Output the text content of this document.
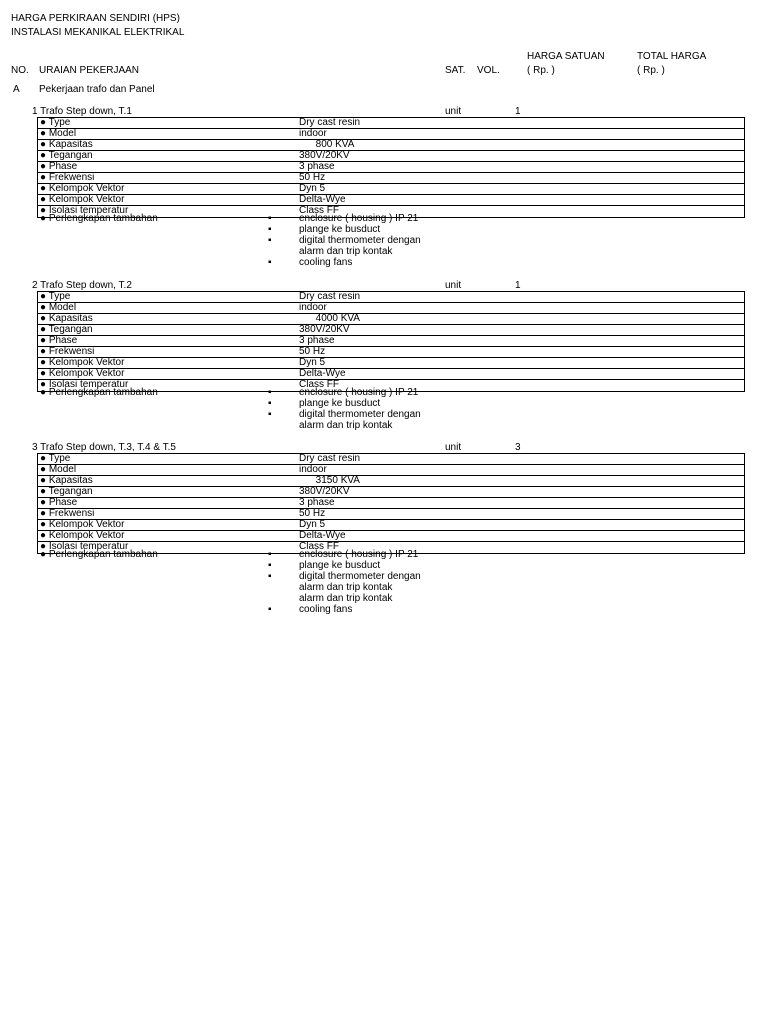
HARGA PERKIRAAN SENDIRI (HPS)
INSTALASI MEKANIKAL ELEKTRIKAL
HARGA SATUAN	TOTAL HARGA
NO. URAIAN PEKERJAAN	SAT. VOL.	( Rp. )	( Rp. )
A Pekerjaan trafo dan Panel
1 Trafo Step down, T.1	unit	1
● Type	Dry cast resin
● Model	indoor
● Kapasitas	800 KVA
● Tegangan	380V/20KV
● Phase	3 phase
● Frekwensi	50 Hz
● Kelompok Vektor	Dyn 5
● Kelompok Vektor	Delta-Wye
● Isolasi temperatur	Class FF
● Perlengkapan tambahan	▪	enclosure ( housing ) IP 21
▪	plange ke busduct
▪	digital thermometer dengan
alarm dan trip kontak
▪	cooling fans
2 Trafo Step down, T.2	unit	1
● Type	Dry cast resin
● Model	indoor
● Kapasitas	4000 KVA
● Tegangan	380V/20KV
● Phase	3 phase
● Frekwensi	50 Hz
● Kelompok Vektor	Dyn 5
● Kelompok Vektor	Delta-Wye
● Isolasi temperatur	Class FF
● Perlengkapan tambahan	▪	enclosure ( housing ) IP 21
▪	plange ke busduct
▪	digital thermometer dengan
alarm dan trip kontak
3 Trafo Step down, T.3, T.4 & T.5	unit	3
● Type	Dry cast resin
● Model	indoor
● Kapasitas	3150 KVA
● Tegangan	380V/20KV
● Phase	3 phase
● Frekwensi	50 Hz
● Kelompok Vektor	Dyn 5
● Kelompok Vektor	Delta-Wye
● Isolasi temperatur	Class FF
● Perlengkapan tambahan	▪	enclosure ( housing ) IP 21
▪	plange ke busduct
▪	digital thermometer dengan
alarm dan trip kontak
alarm dan trip kontak
▪	cooling fans
